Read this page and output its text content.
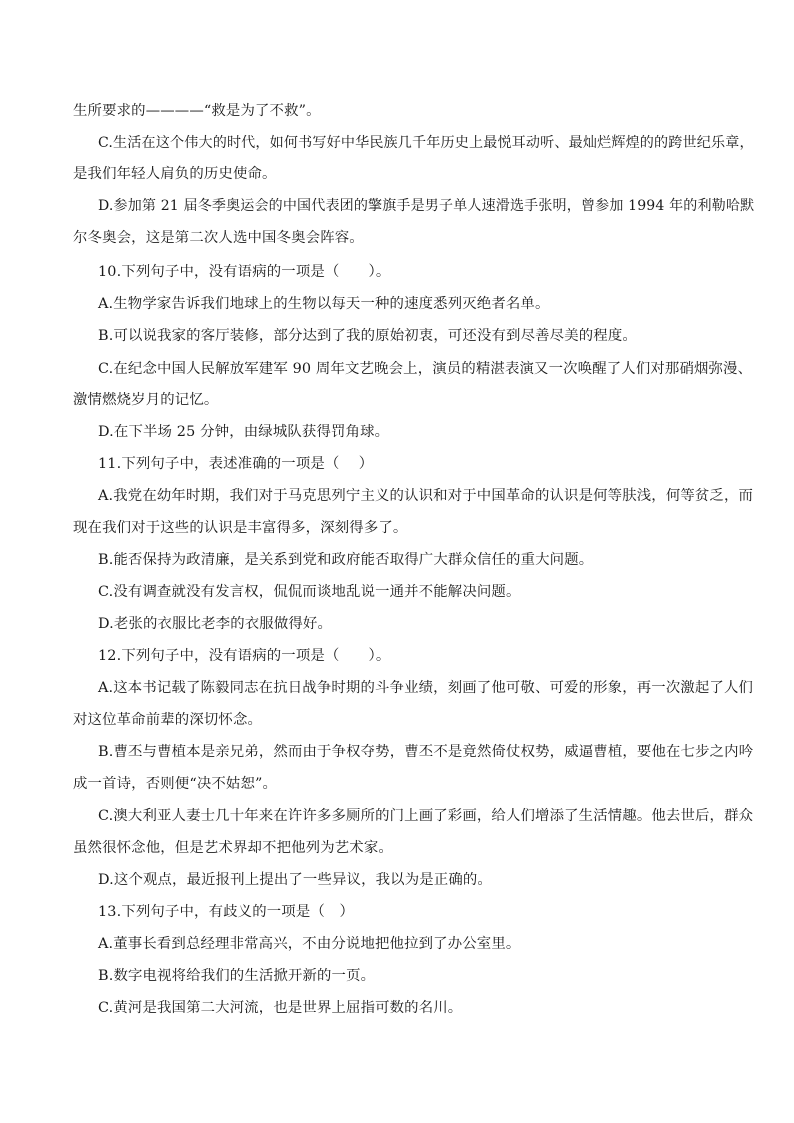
生所要求的————“救是为了不救”。
C.生活在这个伟大的时代，如何书写好中华民族几千年历史上最悦耳动听、最灿烂辉煌的的跨世纪乐章，
是我们年轻人肩负的历史使命。
D.参加第 21 届冬季奥运会的中国代表团的擎旗手是男子单人速滑选手张明，曾参加 1994 年的利勒哈默
尔冬奥会，这是第二次人选中国冬奥会阵容。
10.下列句子中，没有语病的一项是（　　）。
A.生物学家告诉我们地球上的生物以每天一种的速度悉列灭绝者名单。
B.可以说我家的客厅装修，部分达到了我的原始初衷，可还没有到尽善尽美的程度。
C.在纪念中国人民解放军建军 90 周年文艺晚会上，演员的精湛表演又一次唤醒了人们对那硝烟弥漫、
激情燃烧岁月的记忆。
D.在下半场 25 分钟，由绿城队获得罚角球。
11.下列句子中，表述准确的一项是（　 ）
A.我党在幼年时期，我们对于马克思列宁主义的认识和对于中国革命的认识是何等肤浅，何等贫乏，而
现在我们对于这些的认识是丰富得多，深刻得多了。
B.能否保持为政清廉，是关系到党和政府能否取得广大群众信任的重大问题。
C.没有调查就没有发言权，侃侃而谈地乱说一通并不能解决问题。
D.老张的衣服比老李的衣服做得好。
12.下列句子中，没有语病的一项是（　　）。
A.这本书记载了陈毅同志在抗日战争时期的斗争业绩，刻画了他可敬、可爱的形象，再一次激起了人们
对这位革命前辈的深切怀念。
B.曹丕与曹植本是亲兄弟，然而由于争权夺势，曹丕不是竟然倚仗权势，威逼曹植，要他在七步之内吟
成一首诗，否则便“决不姑恕”。
C.澳大利亚人妻士几十年来在许许多多厕所的门上画了彩画，给人们增添了生活情趣。他去世后，群众
虽然很怀念他，但是艺术界却不把他列为艺术家。
D.这个观点，最近报刊上提出了一些异议，我以为是正确的。
13.下列句子中，有歧义的一项是（　）
A.董事长看到总经理非常高兴，不由分说地把他拉到了办公室里。
B.数字电视将给我们的生活掀开新的一页。
C.黄河是我国第二大河流，也是世界上屈指可数的名川。
